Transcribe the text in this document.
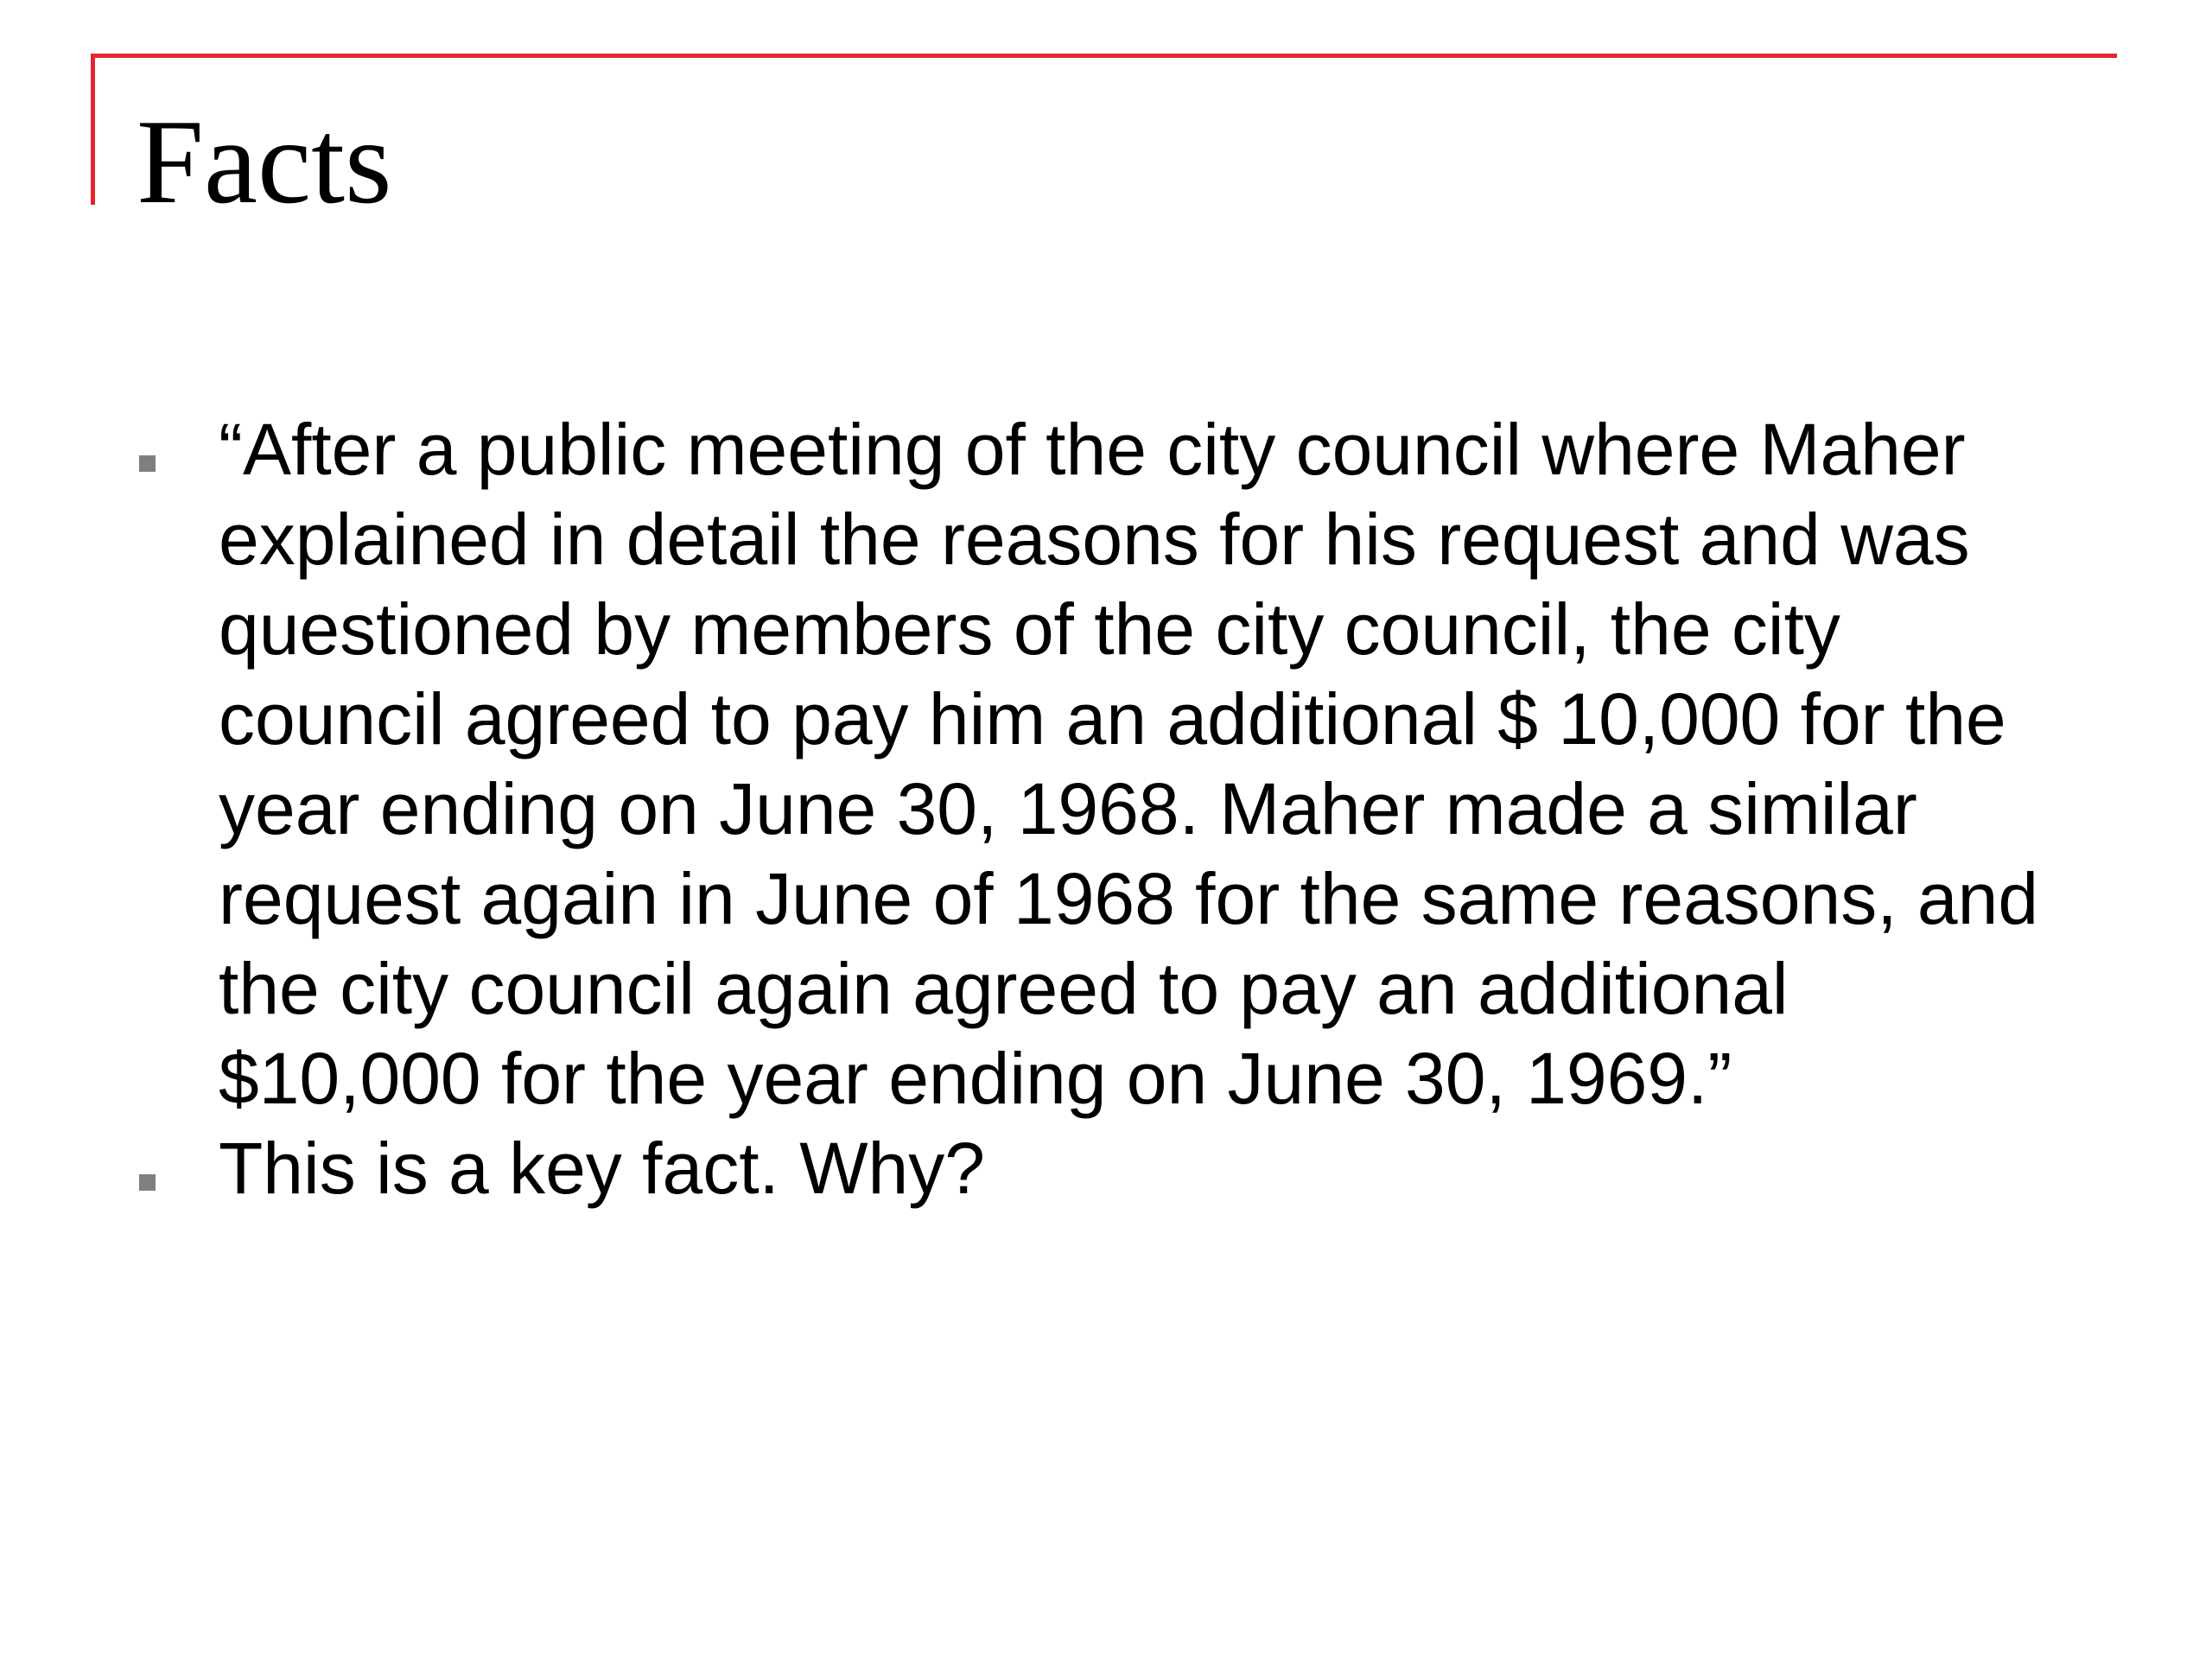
Facts
“After a public meeting of the city council where Maher
explained in detail the reasons for his request and was
questioned by members of the city council, the city
council agreed to pay him an additional $ 10,000 for the
year ending on June 30, 1968. Maher made a similar
request again in June of 1968 for the same reasons, and
the city council again agreed to pay an additional
$10,000 for the year ending on June 30, 1969.”
This is a key fact. Why?
